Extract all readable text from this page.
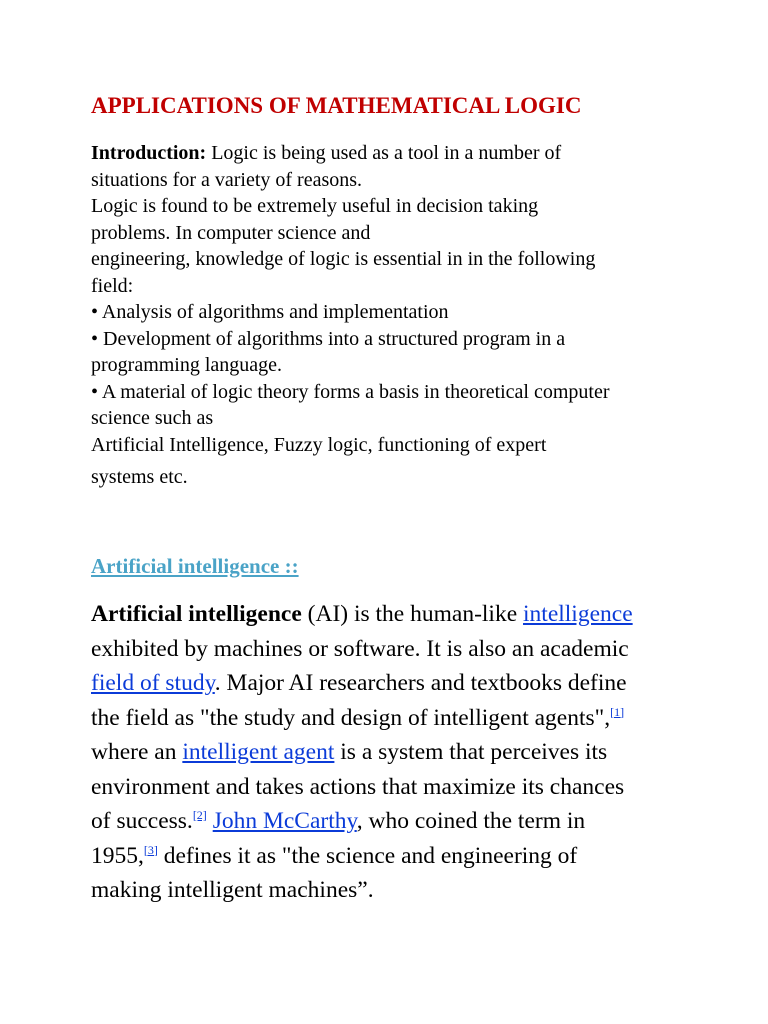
APPLICATIONS OF MATHEMATICAL LOGIC
Introduction: Logic is being used as a tool in a number of
situations for a variety of reasons.
Logic is found to be extremely useful in decision taking
problems. In computer science and
engineering, knowledge of logic is essential in in the following
field:
• Analysis of algorithms and implementation
• Development of algorithms into a structured program in a
programming language.
• A material of logic theory forms a basis in theoretical computer
science such as
Artificial Intelligence, Fuzzy logic, functioning of expert
systems etc.
Artificial intelligence ::
Artificial intelligence (AI) is the human-like intelligence
exhibited by machines or software. It is also an academic
field of study. Major AI researchers and textbooks define
the field as "the study and design of intelligent agents",[1]
where an intelligent agent is a system that perceives its
environment and takes actions that maximize its chances
of success.[2] John McCarthy, who coined the term in
1955,[3] defines it as "the science and engineering of
making intelligent machines”.
